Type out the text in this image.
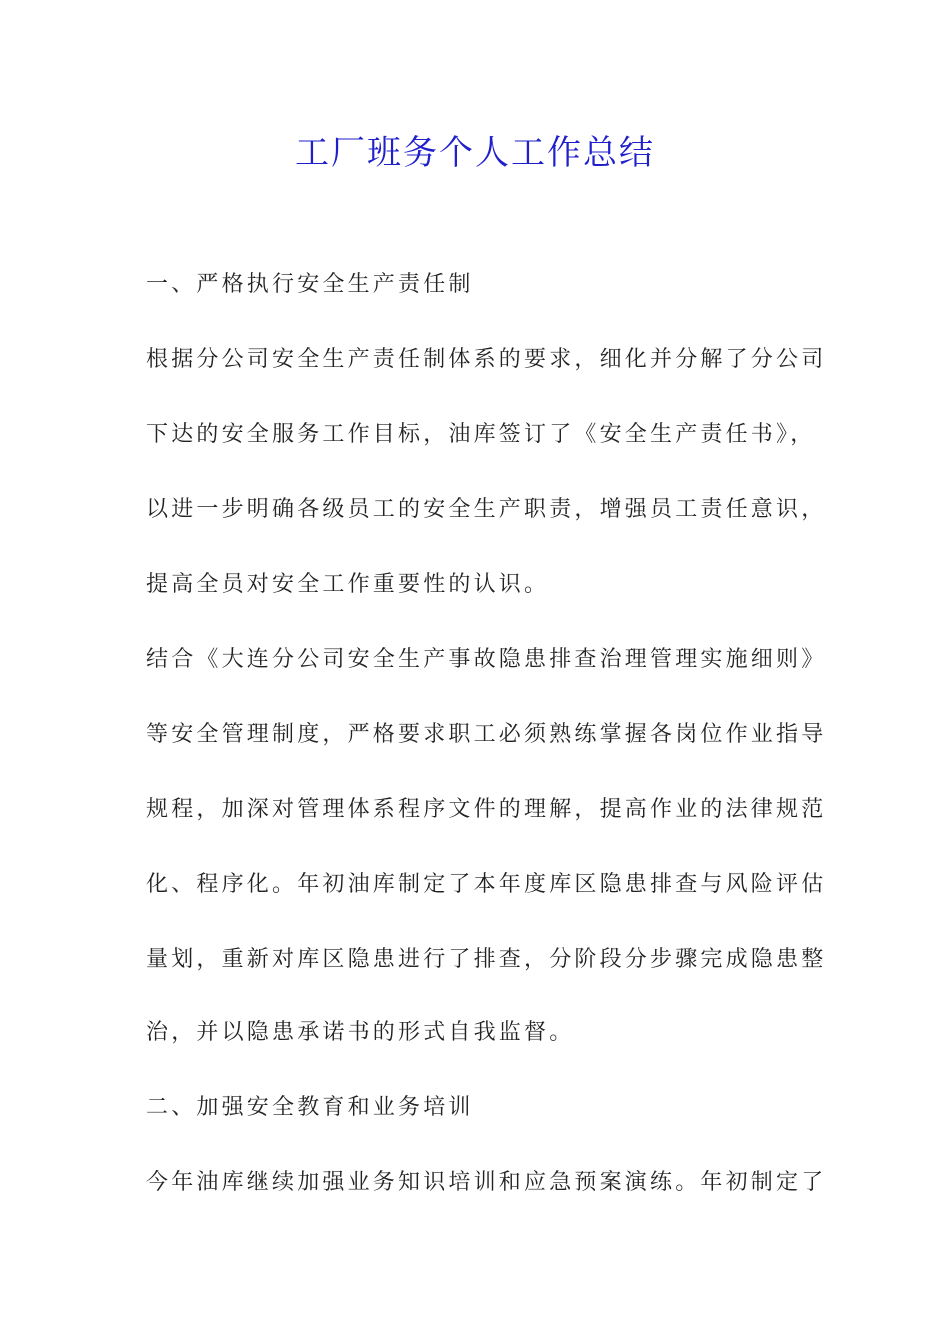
工厂班务个人工作总结
一、严格执行安全生产责任制
根据分公司安全生产责任制体系的要求，细化并分解了分公司
下达的安全服务工作目标，油库签订了《安全生产责任书》，
以进一步明确各级员工的安全生产职责，增强员工责任意识，
提高全员对安全工作重要性的认识。
结合《大连分公司安全生产事故隐患排查治理管理实施细则》
等安全管理制度，严格要求职工必须熟练掌握各岗位作业指导
规程，加深对管理体系程序文件的理解，提高作业的法律规范
化、程序化。年初油库制定了本年度库区隐患排查与风险评估
量划，重新对库区隐患进行了排查，分阶段分步骤完成隐患整
治，并以隐患承诺书的形式自我监督。
二、加强安全教育和业务培训
今年油库继续加强业务知识培训和应急预案演练。年初制定了
